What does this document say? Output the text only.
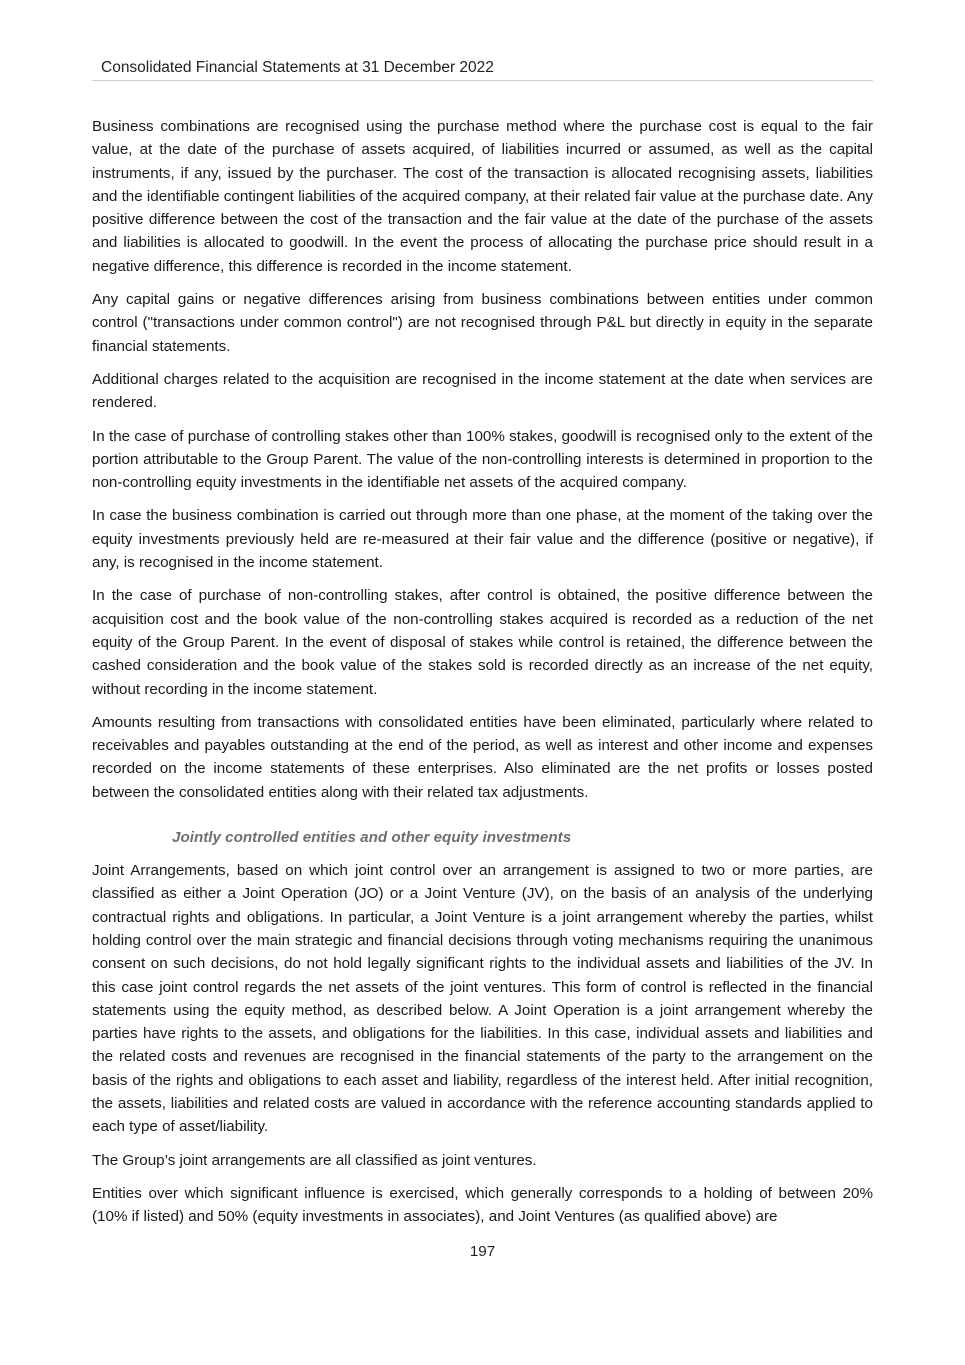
Consolidated Financial Statements at 31 December 2022

Business combinations are recognised using the purchase method where the purchase cost is equal to the fair value, at the date of the purchase of assets acquired, of liabilities incurred or assumed, as well as the capital instruments, if any, issued by the purchaser. The cost of the transaction is allocated recognising assets, liabilities and the identifiable contingent liabilities of the acquired company, at their related fair value at the purchase date. Any positive difference between the cost of the transaction and the fair value at the date of the purchase of the assets and liabilities is allocated to goodwill. In the event the process of allocating the purchase price should result in a negative difference, this difference is recorded in the income statement.

Any capital gains or negative differences arising from business combinations between entities under common control ("transactions under common control") are not recognised through P&L but directly in equity in the separate financial statements.

Additional charges related to the acquisition are recognised in the income statement at the date when services are rendered.

In the case of purchase of controlling stakes other than 100% stakes, goodwill is recognised only to the extent of the portion attributable to the Group Parent. The value of the non-controlling interests is determined in proportion to the non-controlling equity investments in the identifiable net assets of the acquired company.

In case the business combination is carried out through more than one phase, at the moment of the taking over the equity investments previously held are re-measured at their fair value and the difference (positive or negative), if any, is recognised in the income statement.

In the case of purchase of non-controlling stakes, after control is obtained, the positive difference between the acquisition cost and the book value of the non-controlling stakes acquired is recorded as a reduction of the net equity of the Group Parent. In the event of disposal of stakes while control is retained, the difference between the cashed consideration and the book value of the stakes sold is recorded directly as an increase of the net equity, without recording in the income statement.

Amounts resulting from transactions with consolidated entities have been eliminated, particularly where related to receivables and payables outstanding at the end of the period, as well as interest and other income and expenses recorded on the income statements of these enterprises. Also eliminated are the net profits or losses posted between the consolidated entities along with their related tax adjustments.

Jointly controlled entities and other equity investments

Joint Arrangements, based on which joint control over an arrangement is assigned to two or more parties, are classified as either a Joint Operation (JO) or a Joint Venture (JV), on the basis of an analysis of the underlying contractual rights and obligations. In particular, a Joint Venture is a joint arrangement whereby the parties, whilst holding control over the main strategic and financial decisions through voting mechanisms requiring the unanimous consent on such decisions, do not hold legally significant rights to the individual assets and liabilities of the JV. In this case joint control regards the net assets of the joint ventures. This form of control is reflected in the financial statements using the equity method, as described below. A Joint Operation is a joint arrangement whereby the parties have rights to the assets, and obligations for the liabilities. In this case, individual assets and liabilities and the related costs and revenues are recognised in the financial statements of the party to the arrangement on the basis of the rights and obligations to each asset and liability, regardless of the interest held. After initial recognition, the assets, liabilities and related costs are valued in accordance with the reference accounting standards applied to each type of asset/liability.

The Group’s joint arrangements are all classified as joint ventures.

Entities over which significant influence is exercised, which generally corresponds to a holding of between 20% (10% if listed) and 50% (equity investments in associates), and Joint Ventures (as qualified above) are

197
